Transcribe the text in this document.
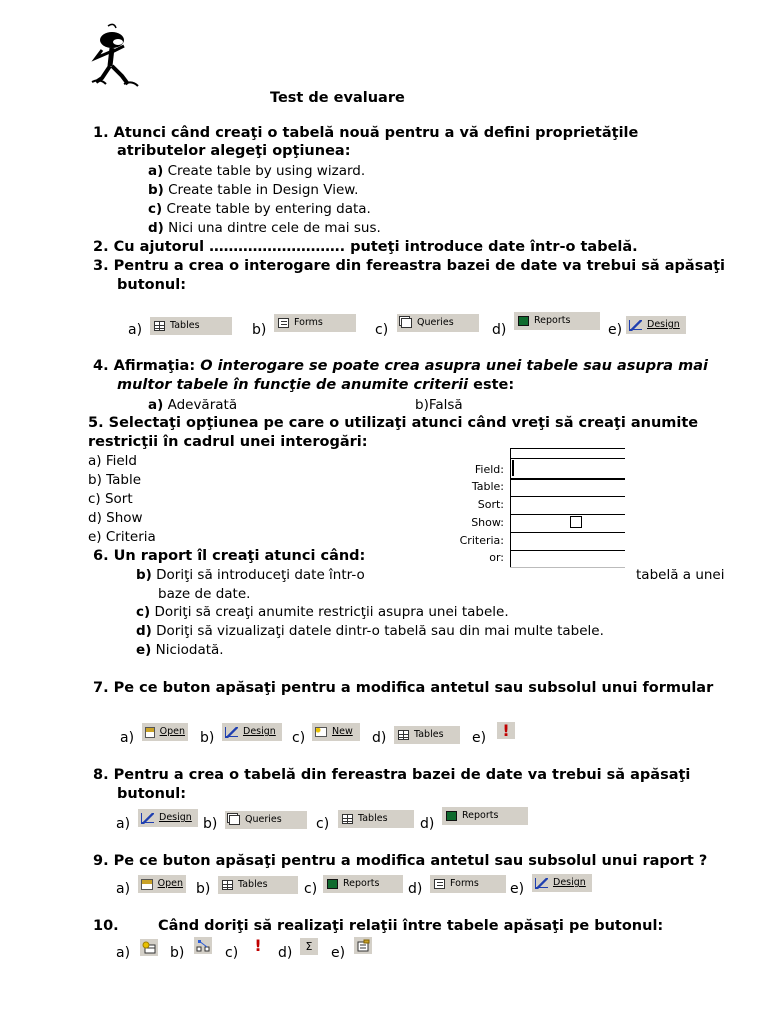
Test de evaluare
1. Atunci când creaţi o tabelă nouă pentru a vă defini proprietăţile
atributelor alegeţi opţiunea:
a) Create table by using wizard.
b) Create table in Design View.
c) Create table by entering data.
d) Nici una dintre cele de mai sus.
2. Cu ajutorul ………………………. puteţi introduce date într-o tabelă.
3. Pentru a crea o interogare din fereastra bazei de date va trebui să apăsaţi
butonul:
a)	Tables	b)	Forms	c)	Queries	d)
Reports
e)	Design
4. Afirmaţia: O interogare se poate crea asupra unei tabele sau asupra mai
multor tabele în funcţie de anumite criterii este:
a) Adevărată	b)Falsă
5. Selectaţi opţiunea pe care o utilizaţi atunci când vreţi să creaţi anumite
restricţii în cadrul unei interogări:
a) Field
b) Table
c) Sort
d) Show
e) Criteria
Field:
Table:
Sort:
Show:
Criteria:
or:
6. Un raport îl creaţi atunci când:
b) Doriţi să introduceţi date într-o	tabelă a unei
baze de date.
c) Doriţi să creaţi anumite restricţii asupra unei tabele.
d) Doriţi să vizualizaţi datele dintr-o tabelă sau din mai multe tabele.
e) Niciodată.
7. Pe ce buton apăsaţi pentru a modifica antetul sau subsolul unui formular
a)	Open b)	Design c)	New d)	Tables e) !
8. Pentru a crea o tabelă din fereastra bazei de date va trebui să apăsaţi
butonul:
a)	Design b)	Queries c)	Tables d)
Reports
9. Pe ce buton apăsaţi pentru a modifica antetul sau subsolul unui raport ?
a)	Open b)	Tables	c)	Reports d)	Forms e)	Design
10.	Când doriţi să realizaţi relaţii între tabele apăsaţi pe butonul:
a)	b)	c) ! d) Σ e)
